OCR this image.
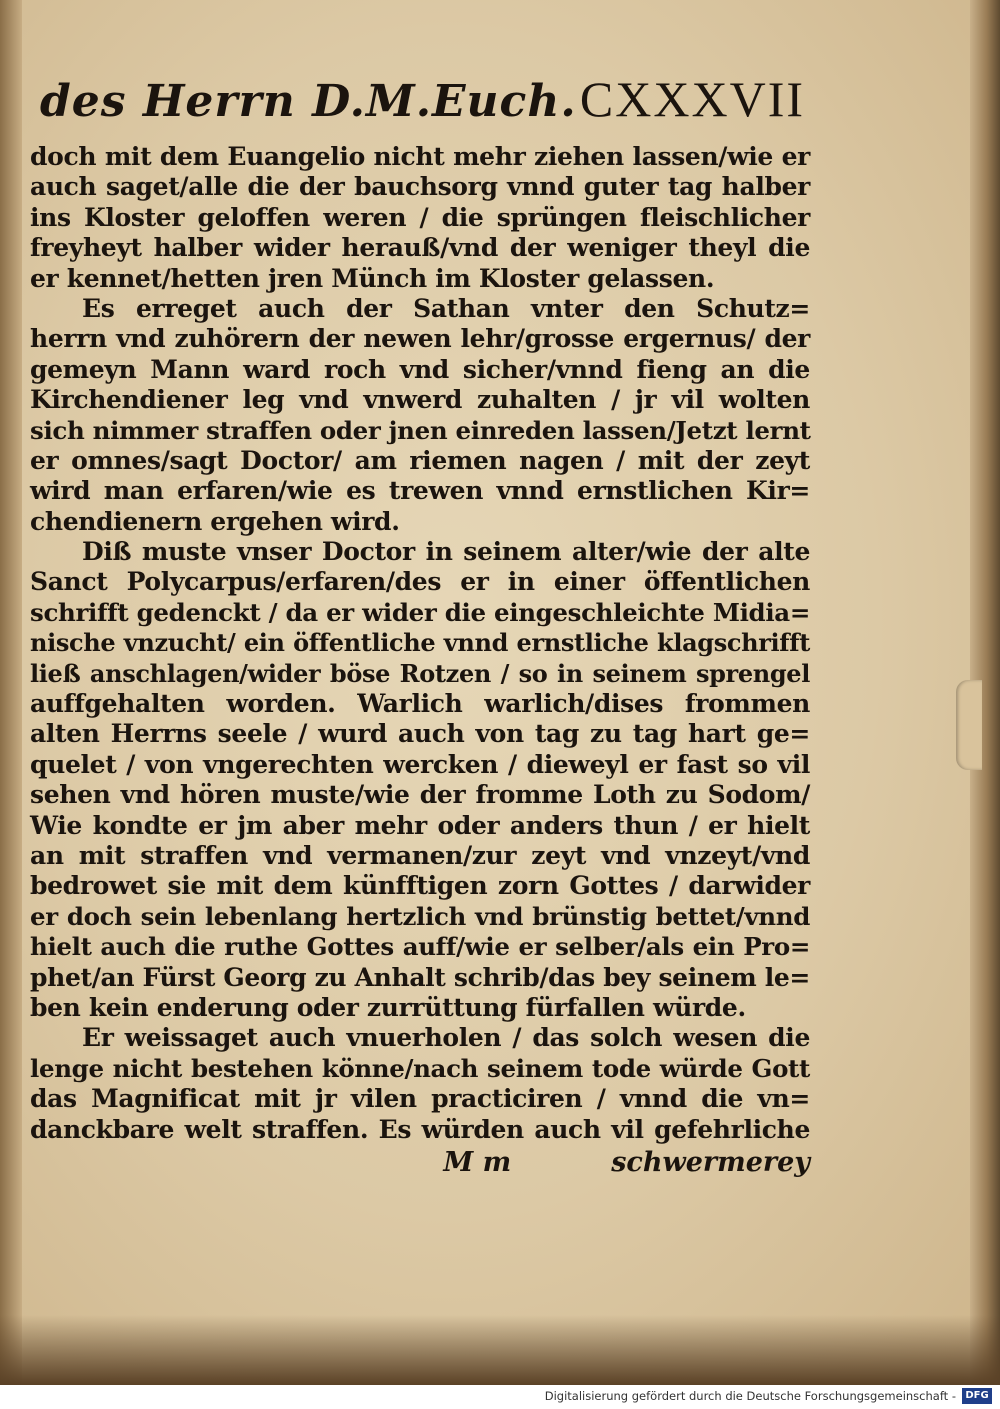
des Herrn D.M.Euch. CXXXVII
doch mit dem Euangelio nicht mehr ziehen lassen/wie er
auch saget/alle die der bauchsorg vnnd guter tag halber
ins Kloster geloffen weren / die sprüngen fleischlicher
freyheyt halber wider herauß/vnd der weniger theyl die
er kennet/hetten jren Münch im Kloster gelassen.
Es erreget auch der Sathan vnter den Schutz=
herrn vnd zuhörern der newen lehr/grosse ergernus/ der
gemeyn Mann ward roch vnd sicher/vnnd fieng an die
Kirchendiener leg vnd vnwerd zuhalten / jr vil wolten
sich nimmer straffen oder jnen einreden lassen/Jetzt lernt
er omnes/sagt Doctor/ am riemen nagen / mit der zeyt
wird man erfaren/wie es trewen vnnd ernstlichen Kir=
chendienern ergehen wird.
Diß muste vnser Doctor in seinem alter/wie der alte
Sanct Polycarpus/erfaren/des er in einer öffentlichen
schrifft gedenckt / da er wider die eingeschleichte Midia=
nische vnzucht/ ein öffentliche vnnd ernstliche klagschrifft
ließ anschlagen/wider böse Rotzen / so in seinem sprengel
auffgehalten worden. Warlich warlich/dises frommen
alten Herrns seele / wurd auch von tag zu tag hart ge=
quelet / von vngerechten wercken / dieweyl er fast so vil
sehen vnd hören muste/wie der fromme Loth zu Sodom/
Wie kondte er jm aber mehr oder anders thun / er hielt
an mit straffen vnd vermanen/zur zeyt vnd vnzeyt/vnd
bedrowet sie mit dem künfftigen zorn Gottes / darwider
er doch sein lebenlang hertzlich vnd brünstig bettet/vnnd
hielt auch die ruthe Gottes auff/wie er selber/als ein Pro=
phet/an Fürst Georg zu Anhalt schrib/das bey seinem le=
ben kein enderung oder zurrüttung fürfallen würde.
Er weissaget auch vnuerholen / das solch wesen die
lenge nicht bestehen könne/nach seinem tode würde Gott
das Magnificat mit jr vilen practiciren / vnnd die vn=
danckbare welt straffen. Es würden auch vil gefehrliche
M m	schwermerey
Digitalisierung gefördert durch die Deutsche Forschungsgemeinschaft - DFG
